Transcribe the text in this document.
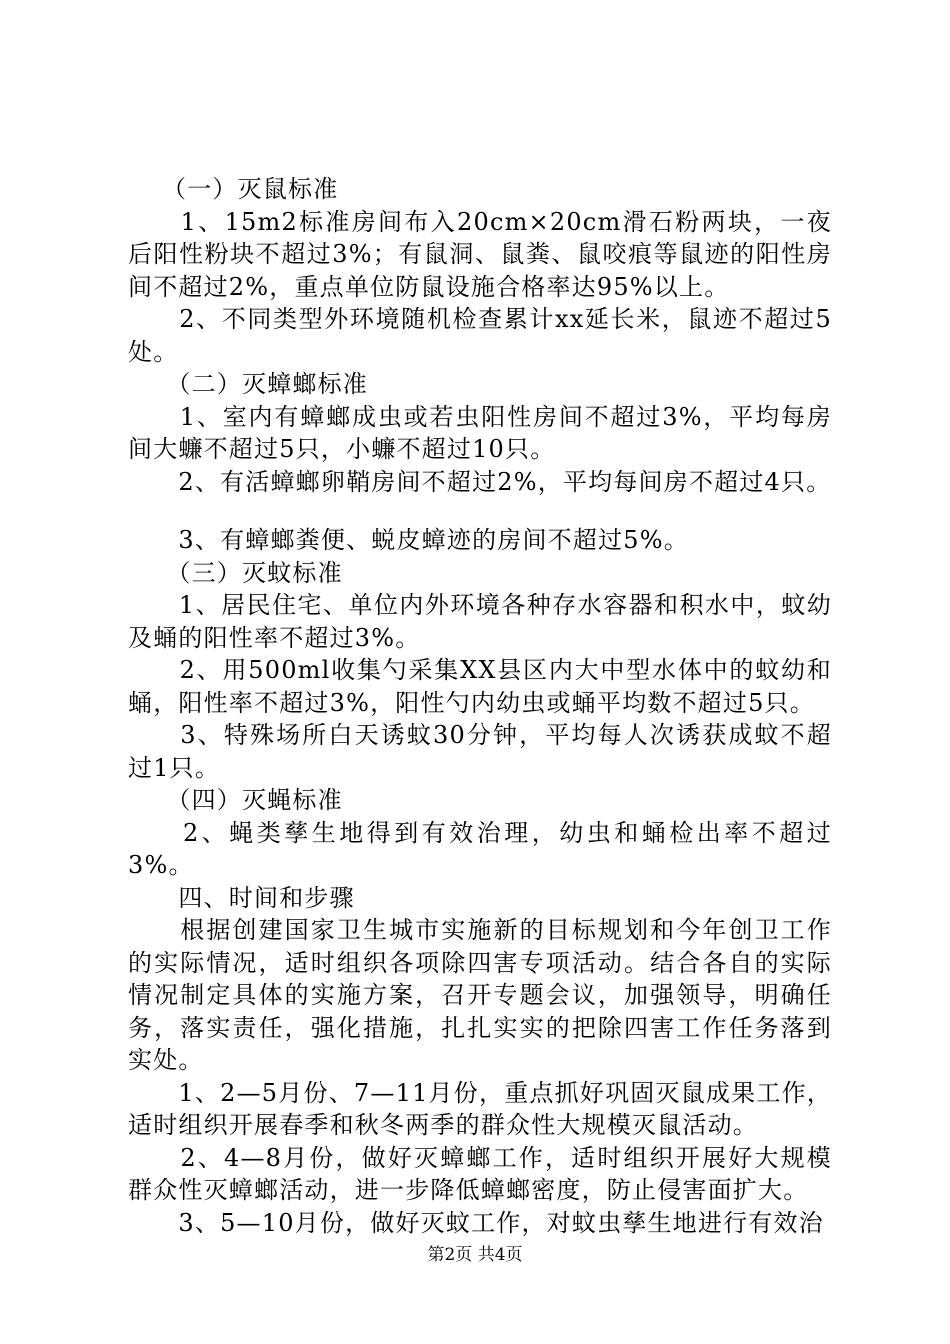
　 （一）灭鼠标准

　　1、15m2标准房间布入20cm×20cm滑石粉两块，一夜后阳性粉块不超过3%；有鼠洞、鼠粪、鼠咬痕等鼠迹的阳性房间不超过2%，重点单位防鼠设施合格率达95%以上。

　　2、不同类型外环境随机检查累计xx延长米，鼠迹不超过5处。

　　（二）灭蟑螂标准

　　1、室内有蟑螂成虫或若虫阳性房间不超过3%，平均每房间大蠊不超过5只，小蠊不超过10只。

　　2、有活蟑螂卵鞘房间不超过2%，平均每间房不超过4只。

　　3、有蟑螂粪便、蜕皮蟑迹的房间不超过5%。

　　（三）灭蚊标准

　　1、居民住宅、单位内外环境各种存水容器和积水中，蚊幼及蛹的阳性率不超过3%。

　　2、用500ml收集勺采集XX县区内大中型水体中的蚊幼和蛹，阳性率不超过3%，阳性勺内幼虫或蛹平均数不超过5只。

　　3、特殊场所白天诱蚊30分钟，平均每人次诱获成蚊不超过1只。

　　（四）灭蝇标准

　　2、蝇类孳生地得到有效治理，幼虫和蛹检出率不超过3%。

　　四、时间和步骤

　　根据创建国家卫生城市实施新的目标规划和今年创卫工作的实际情况，适时组织各项除四害专项活动。结合各自的实际情况制定具体的实施方案，召开专题会议，加强领导，明确任务，落实责任，强化措施，扎扎实实的把除四害工作任务落到实处。

　　1、2—5月份、7—11月份，重点抓好巩固灭鼠成果工作，适时组织开展春季和秋冬两季的群众性大规模灭鼠活动。

　　2、4—8月份，做好灭蟑螂工作，适时组织开展好大规模群众性灭蟑螂活动，进一步降低蟑螂密度，防止侵害面扩大。

　　3、5—10月份，做好灭蚊工作，对蚊虫孳生地进行有效治

第2页 共4页
